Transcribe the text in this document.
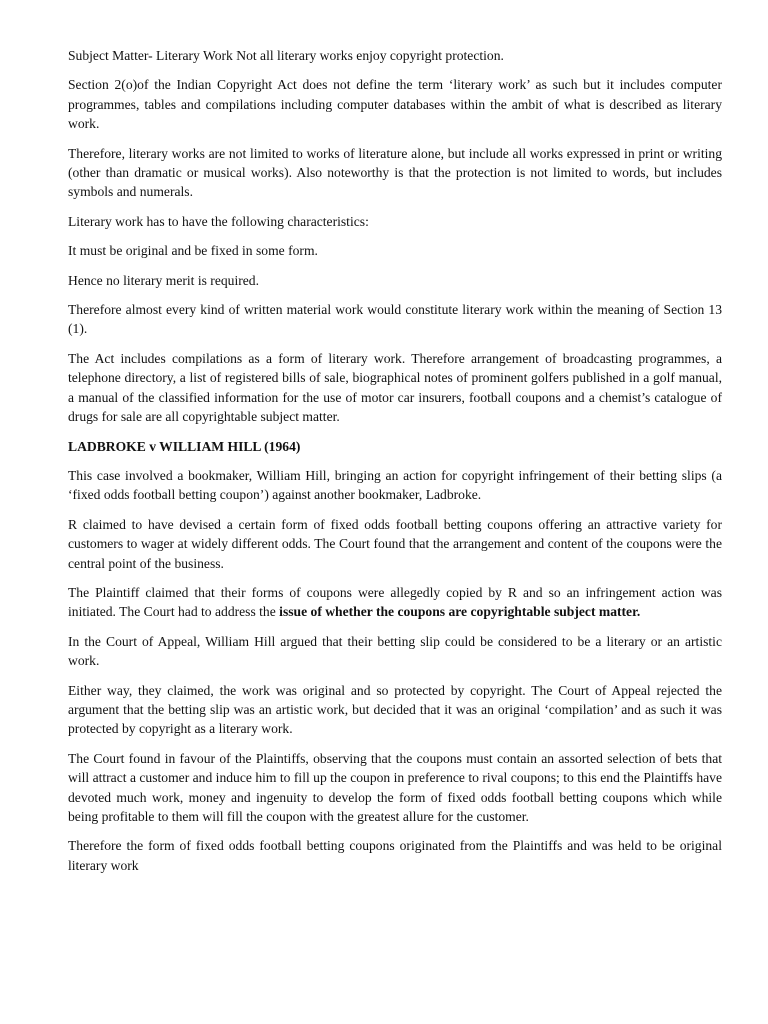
Subject Matter- Literary Work Not all literary works enjoy copyright protection.

Section 2(o)of the Indian Copyright Act does not define the term ‘literary work’ as such but it includes computer programmes, tables and compilations including computer databases within the ambit of what is described as literary work.

Therefore, literary works are not limited to works of literature alone, but include all works expressed in print or writing (other than dramatic or musical works). Also noteworthy is that the protection is not limited to words, but includes symbols and numerals.

Literary work has to have the following characteristics:

It must be original and be fixed in some form.

Hence no literary merit is required.

Therefore almost every kind of written material work would constitute literary work within the meaning of Section 13 (1).

The Act includes compilations as a form of literary work. Therefore arrangement of broadcasting programmes, a telephone directory, a list of registered bills of sale, biographical notes of prominent golfers published in a golf manual, a manual of the classified information for the use of motor car insurers, football coupons and a chemist’s catalogue of drugs for sale are all copyrightable subject matter.

LADBROKE v WILLIAM HILL (1964)

This case involved a bookmaker, William Hill, bringing an action for copyright infringement of their betting slips (a ‘fixed odds football betting coupon’) against another bookmaker, Ladbroke.

R claimed to have devised a certain form of fixed odds football betting coupons offering an attractive variety for customers to wager at widely different odds. The Court found that the arrangement and content of the coupons were the central point of the business.

The Plaintiff claimed that their forms of coupons were allegedly copied by R and so an infringement action was initiated. The Court had to address the issue of whether the coupons are copyrightable subject matter.

In the Court of Appeal, William Hill argued that their betting slip could be considered to be a literary or an artistic work.

Either way, they claimed, the work was original and so protected by copyright. The Court of Appeal rejected the argument that the betting slip was an artistic work, but decided that it was an original ‘compilation’ and as such it was protected by copyright as a literary work.

The Court found in favour of the Plaintiffs, observing that the coupons must contain an assorted selection of bets that will attract a customer and induce him to fill up the coupon in preference to rival coupons; to this end the Plaintiffs have devoted much work, money and ingenuity to develop the form of fixed odds football betting coupons which while being profitable to them will fill the coupon with the greatest allure for the customer.

Therefore the form of fixed odds football betting coupons originated from the Plaintiffs and was held to be original literary work
